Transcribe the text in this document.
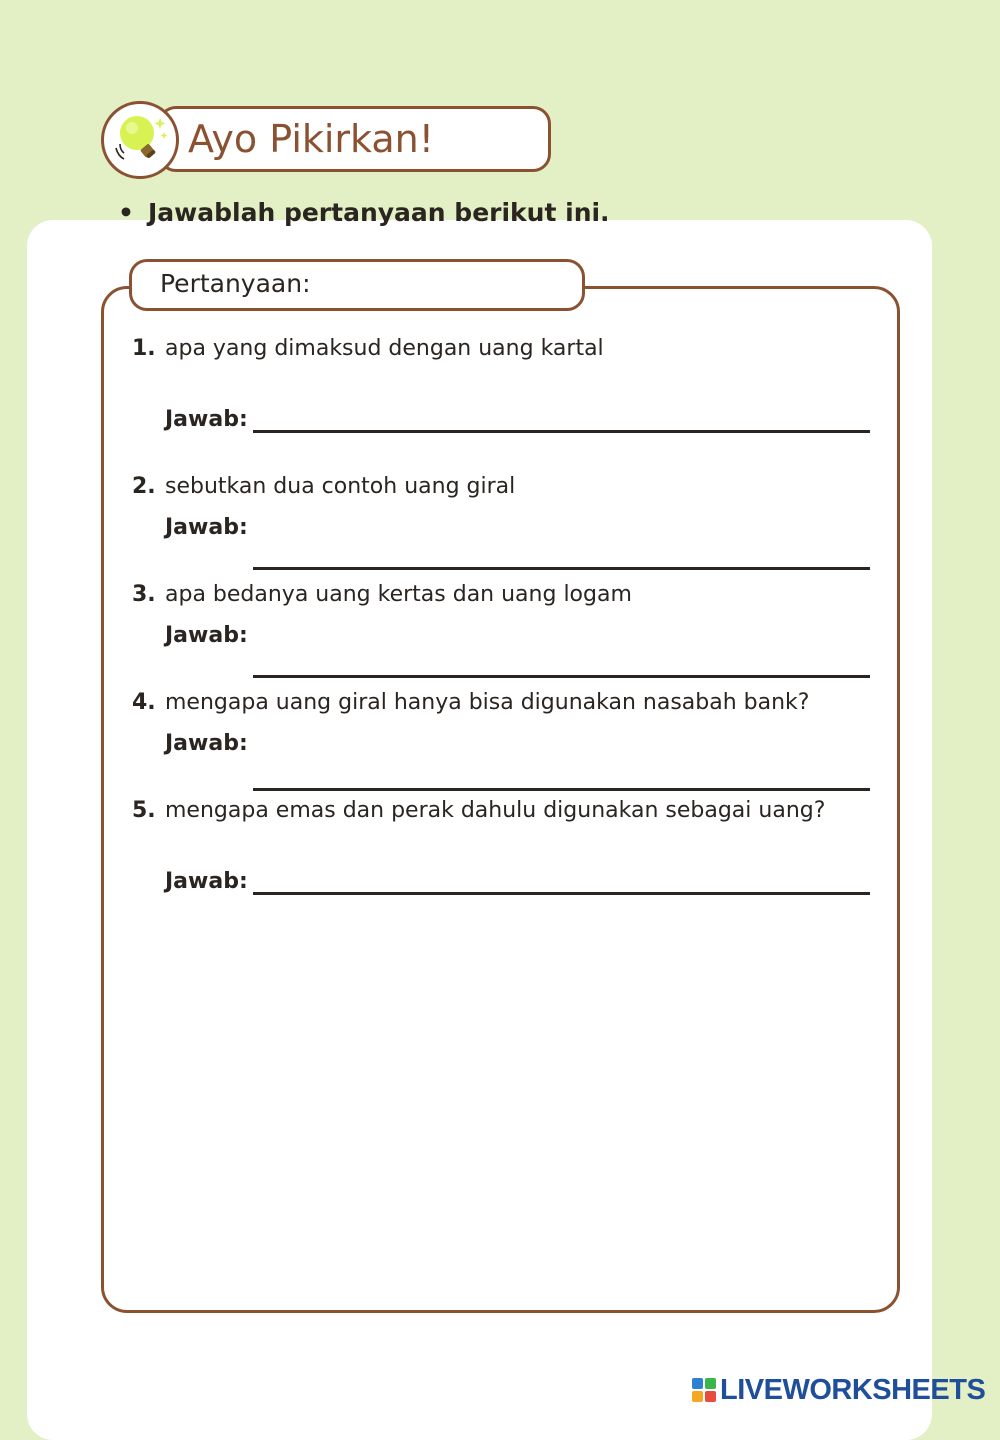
Ayo Pikirkan!
• Jawablah pertanyaan berikut ini.
Pertanyaan:
1. apa yang dimaksud dengan uang kartal
Jawab:
2. sebutkan dua contoh uang giral
Jawab:
3. apa bedanya uang kertas dan uang logam
Jawab:
4. mengapa uang giral hanya bisa digunakan nasabah bank?
Jawab:
5. mengapa emas dan perak dahulu digunakan sebagai uang?
Jawab:
LIVEWORKSHEETS
